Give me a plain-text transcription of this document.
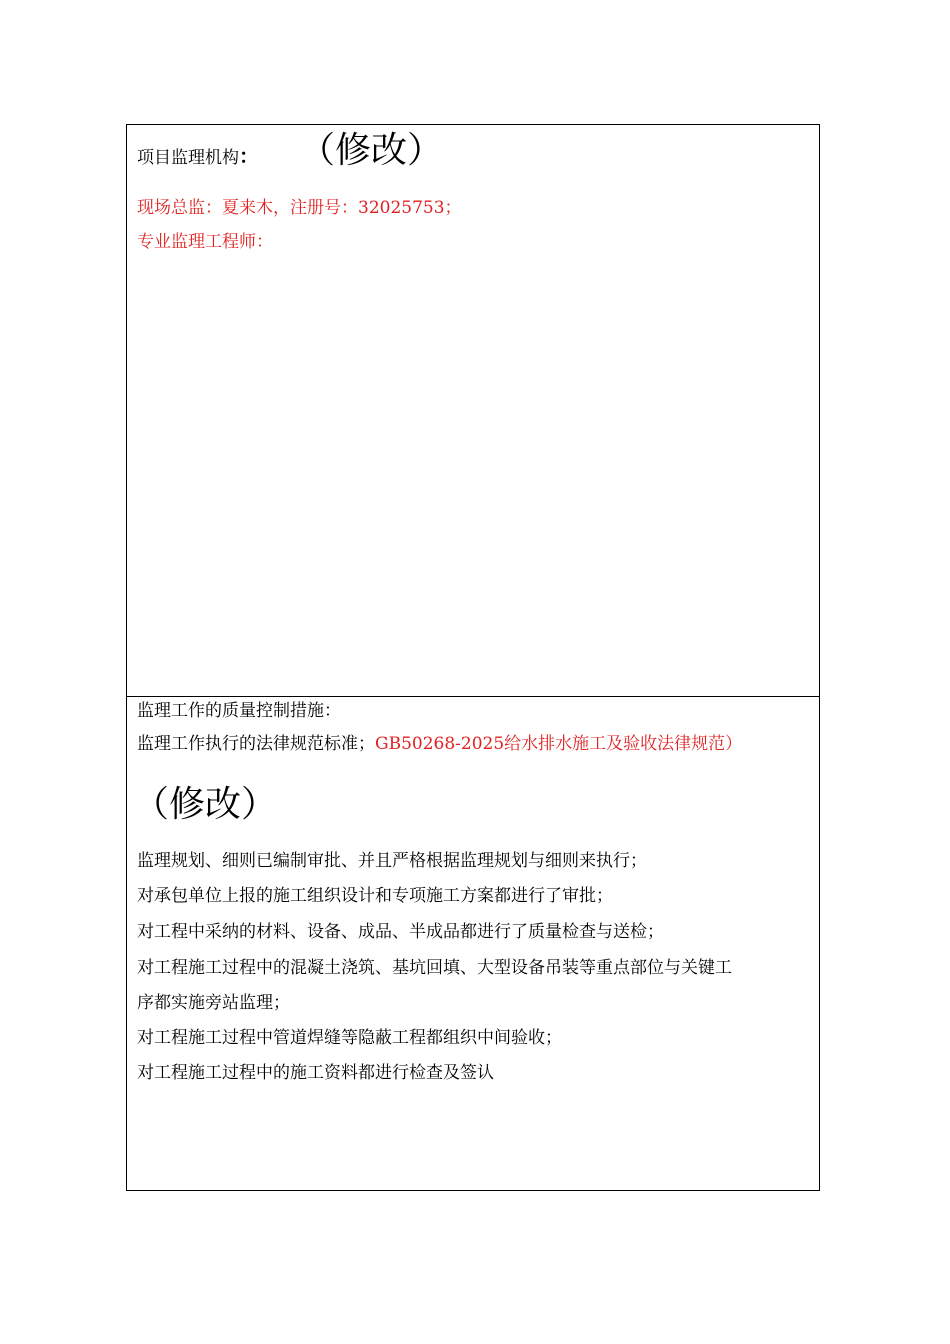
项目监理机构： （修改）
现场总监：夏来木，注册号：32025753；
专业监理工程师：
监理工作的质量控制措施：
监理工作执行的法律规范标准；GB50268-2025给水排水施工及验收法律规范）
（修改）
监理规划、细则已编制审批、并且严格根据监理规划与细则来执行；
对承包单位上报的施工组织设计和专项施工方案都进行了审批；
对工程中采纳的材料、设备、成品、半成品都进行了质量检查与送检；
对工程施工过程中的混凝土浇筑、基坑回填、大型设备吊装等重点部位与关键工
序都实施旁站监理；
对工程施工过程中管道焊缝等隐蔽工程都组织中间验收；
对工程施工过程中的施工资料都进行检查及签认
